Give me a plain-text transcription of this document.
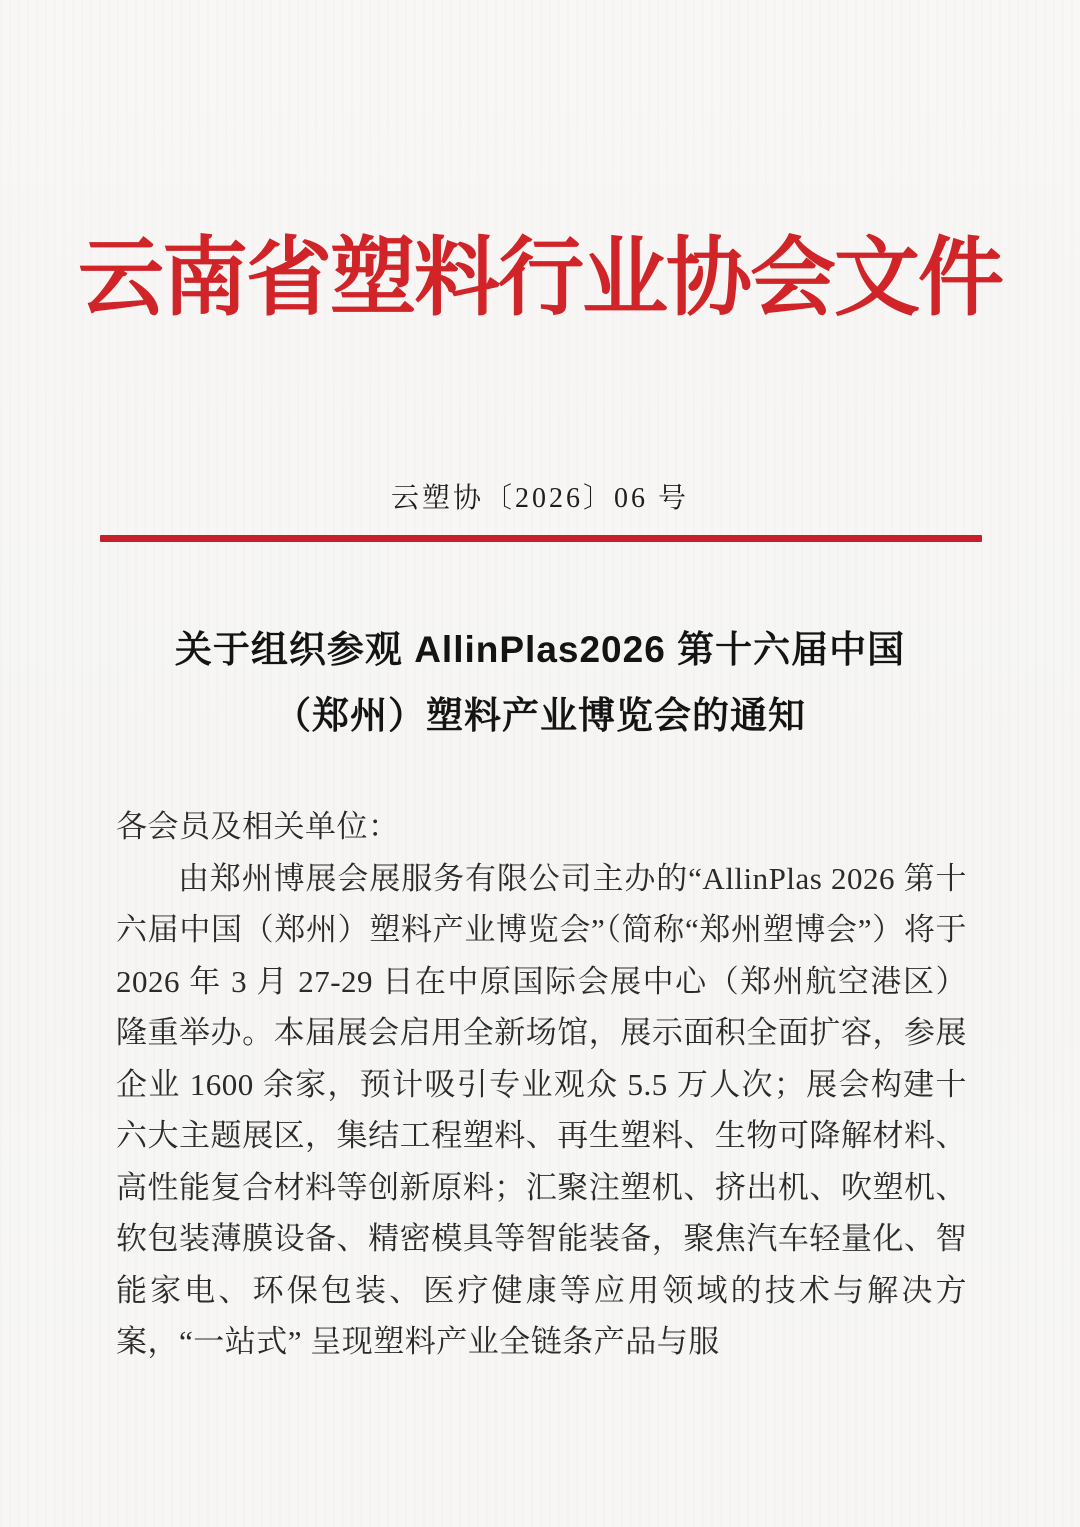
云南省塑料行业协会文件
云塑协〔2026〕06 号
关于组织参观 AllinPlas2026 第十六届中国
（郑州）塑料产业博览会的通知
各会员及相关单位：

由郑州博展会展服务有限公司主办的“AllinPlas 2026 第十六届中国（郑州）塑料产业博览会”（简称“郑州塑博会”）将于 2026 年 3 月 27-29 日在中原国际会展中心（郑州航空港区）隆重举办。本届展会启用全新场馆，展示面积全面扩容，参展企业 1600 余家，预计吸引专业观众 5.5 万人次；展会构建十六大主题展区，集结工程塑料、再生塑料、生物可降解材料、高性能复合材料等创新原料；汇聚注塑机、挤出机、吹塑机、软包装薄膜设备、精密模具等智能装备，聚焦汽车轻量化、智能家电、环保包装、医疗健康等应用领域的技术与解决方案，“一站式” 呈现塑料产业全链条产品与服
